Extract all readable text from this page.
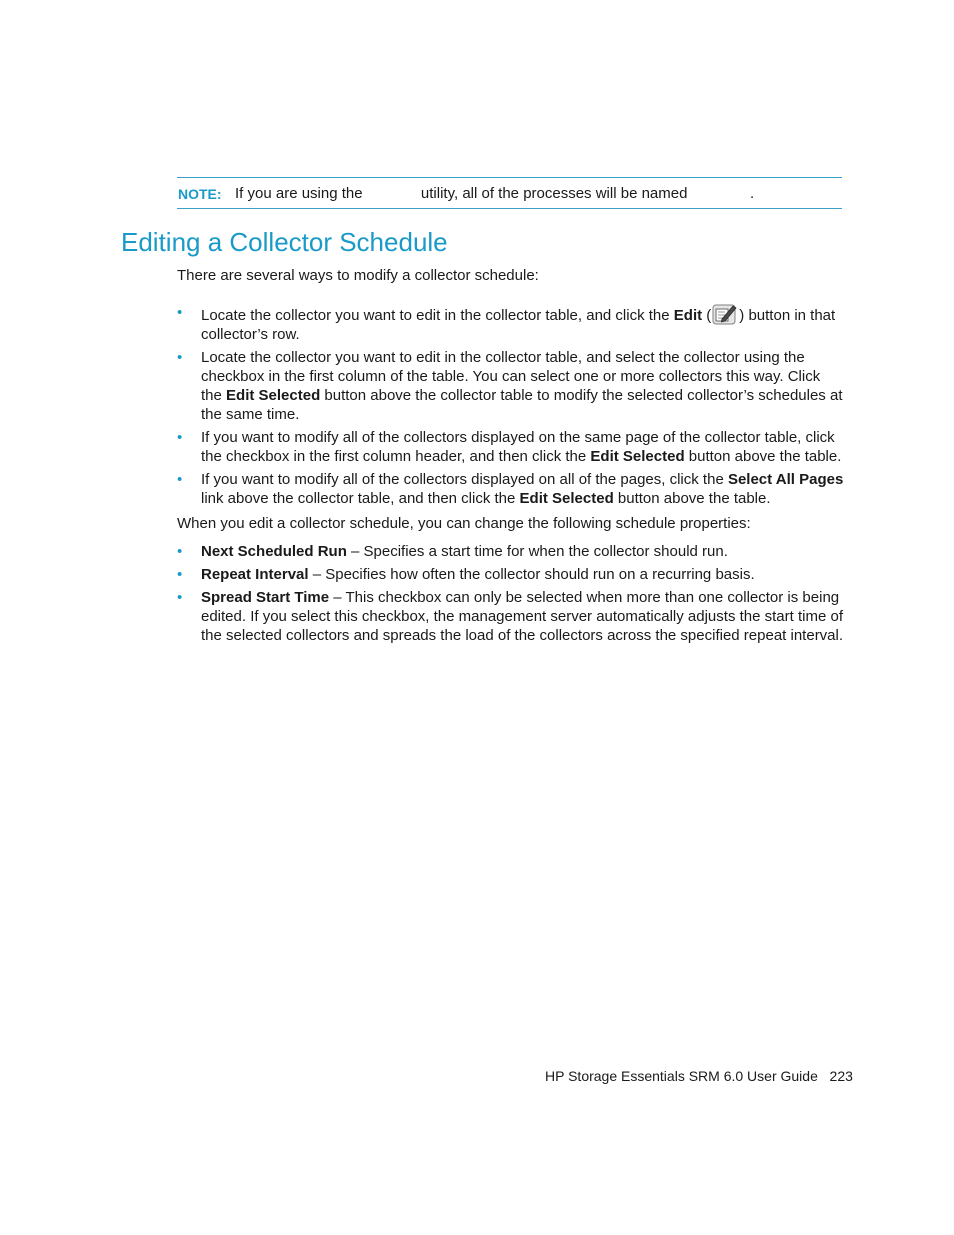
NOTE: If you are using the              utility, all of the processes will be named               .
Editing a Collector Schedule

There are several ways to modify a collector schedule:

• Locate the collector you want to edit in the collector table, and click the Edit ( ) button in that collector’s row.
• Locate the collector you want to edit in the collector table, and select the collector using the checkbox in the first column of the table. You can select one or more collectors this way. Click the Edit Selected button above the collector table to modify the selected collector’s schedules at the same time.
• If you want to modify all of the collectors displayed on the same page of the collector table, click the checkbox in the first column header, and then click the Edit Selected button above the table.
• If you want to modify all of the collectors displayed on all of the pages, click the Select All Pages link above the collector table, and then click the Edit Selected button above the table.

When you edit a collector schedule, you can change the following schedule properties:

• Next Scheduled Run – Specifies a start time for when the collector should run.
• Repeat Interval – Specifies how often the collector should run on a recurring basis.
• Spread Start Time – This checkbox can only be selected when more than one collector is being edited. If you select this checkbox, the management server automatically adjusts the start time of the selected collectors and spreads the load of the collectors across the specified repeat interval.
HP Storage Essentials SRM 6.0 User Guide 223
